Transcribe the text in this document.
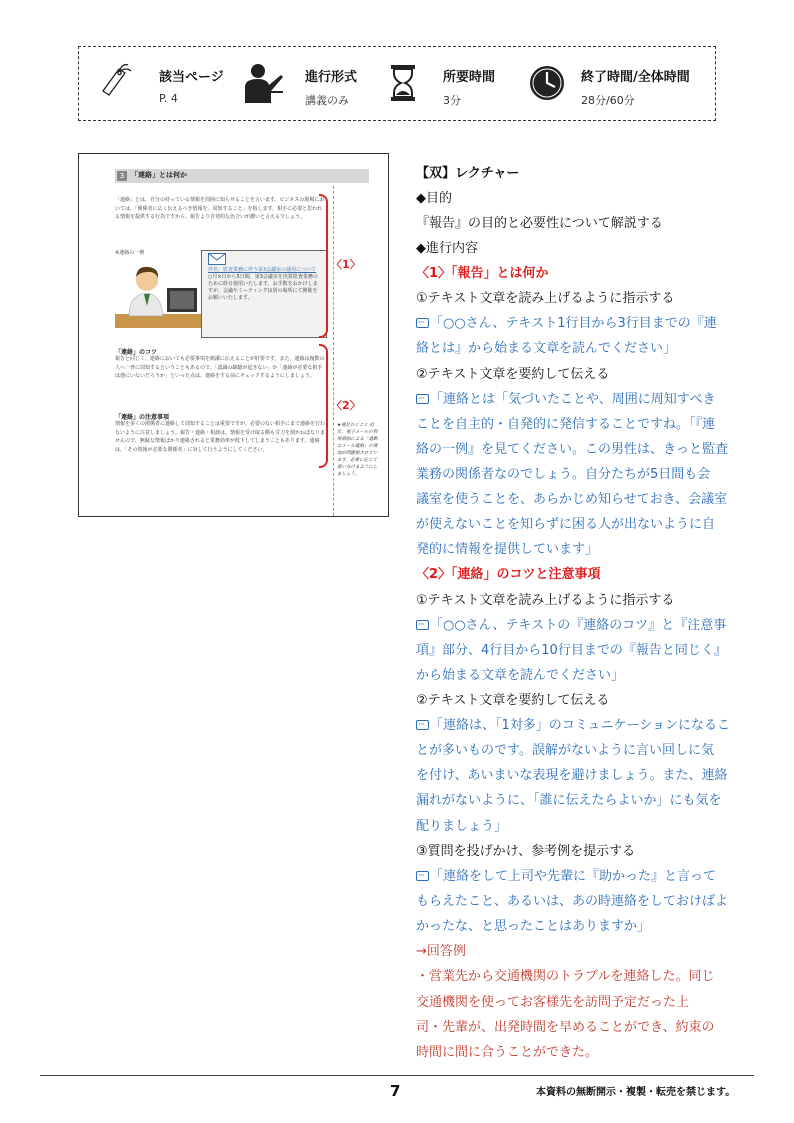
該当ページ
P. 4
進行形式
講義のみ
所要時間
3分
終了時間/全体時間
28分/60分
3 「連絡」とは何か
「連絡」とは、自分の持っている情報を周囲に知らせることを言います。ビジネスの現場においては、「関係者に広く伝えるべき情報を、周知すること」を指します。相手に必要と思われる情報を提供する行為ですから、報告より自発的な色合いが濃いと言えるでしょう。
※連絡の一例
件名：監査業務に伴う第3会議室の使用について
○月×日から5日間、第3会議室を決算監査業務のために終日使用いたします。お手数をおかけしますが、会議やミーティングは別の場所にて開催をお願いいたします。
「連絡」のコツ
報告と同じく、連絡においても必要事項を簡潔に伝えることが肝要です。また、連絡は複数の人へ一斉に周知するということもあるので、「認識の齟齬が起きない」か「連絡が必要な相手は他にいないだろうか」といった点は、連絡をする前にチェックするようにしましょう。
「連絡」の注意事項
情報を多くの関係者に連絡して周知することは重要ですが、必要のない相手にまで連絡を行わないように注意しましょう。報告・連絡・相談は、情報を受け取る側も労力を割かねばなりませんので、無駄な情報ばかり連絡されると業務効率が低下してしまうこともあります。連絡は、「その情報が必要な関係者」に対して行うようにしてください。
★補足ひとこと 近年、電子メールの利用増加による「過剰なメール連絡」の増加が問題視されています。必要に応じて使い分けるようにしましょう。
〈1〉
〈2〉
【双】レクチャー
◆目的
『報告』の目的と必要性について解説する
◆進行内容
〈1〉「報告」とは何か
①テキスト文章を読み上げるように指示する
「○○さん、テキスト1行目から3行目までの『連
絡とは』から始まる文章を読んでください」
②テキスト文章を要約して伝える
「連絡とは「気づいたことや、周囲に周知すべき
ことを自主的・自発的に発信することですね。「『連
絡の一例』を見てください。この男性は、きっと監査
業務の関係者なのでしょう。自分たちが5日間も会
議室を使うことを、あらかじめ知らせておき、会議室
が使えないことを知らずに困る人が出ないように自
発的に情報を提供しています」
〈2〉「連絡」のコツと注意事項
①テキスト文章を読み上げるように指示する
「○○さん、テキストの『連絡のコツ』と『注意事
項』部分、4行目から10行目までの『報告と同じく』
から始まる文章を読んでください」
②テキスト文章を要約して伝える
「連絡は、「1対多」のコミュニケーションになるこ
とが多いものです。誤解がないように言い回しに気
を付け、あいまいな表現を避けましょう。また、連絡
漏れがないように、「誰に伝えたらよいか」にも気を
配りましょう」
③質問を投げかけ、参考例を提示する
「連絡をして上司や先輩に『助かった』と言って
もらえたこと、あるいは、あの時連絡をしておけばよ
かったな、と思ったことはありますか」
→回答例
・営業先から交通機関のトラブルを連絡した。同じ
交通機関を使ってお客様先を訪問予定だった上
司・先輩が、出発時間を早めることができ、約束の
時間に間に合うことができた。
7	本資料の無断開示・複製・転売を禁じます。
